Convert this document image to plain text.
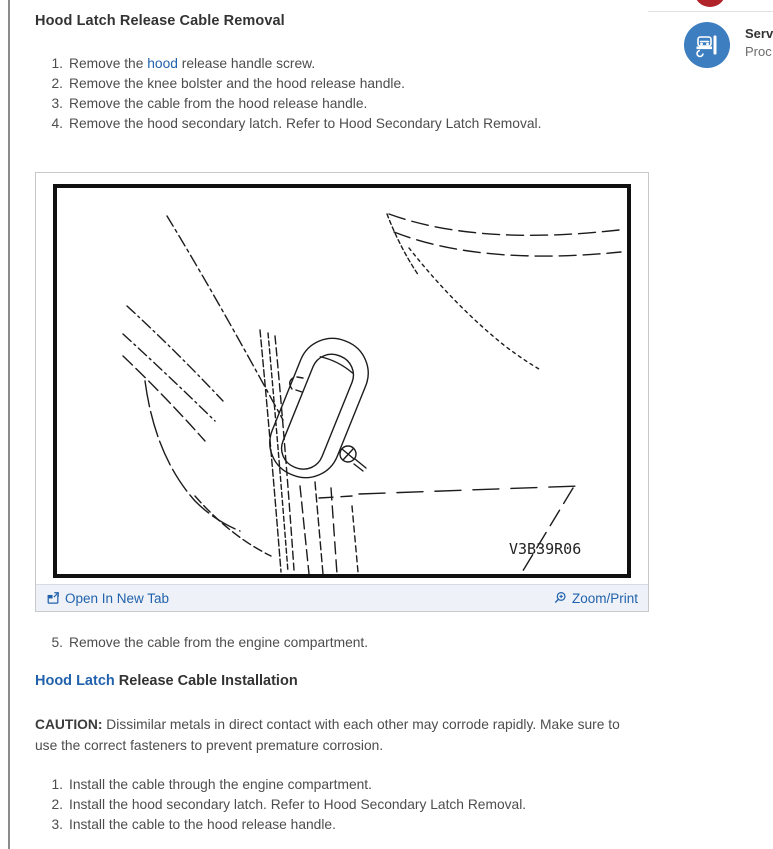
Hood Latch Release Cable Removal
1. Remove the hood release handle screw.
2. Remove the knee bolster and the hood release handle.
3. Remove the cable from the hood release handle.
4. Remove the hood secondary latch. Refer to Hood Secondary Latch Removal.
V3B39R06
Open In New Tab	Zoom/Print
5. Remove the cable from the engine compartment.
Hood Latch Release Cable Installation
CAUTION: Dissimilar metals in direct contact with each other may corrode rapidly. Make sure to use the correct fasteners to prevent premature corrosion.
1. Install the cable through the engine compartment.
2. Install the hood secondary latch. Refer to Hood Secondary Latch Removal.
3. Install the cable to the hood release handle.
Serv
Proc
